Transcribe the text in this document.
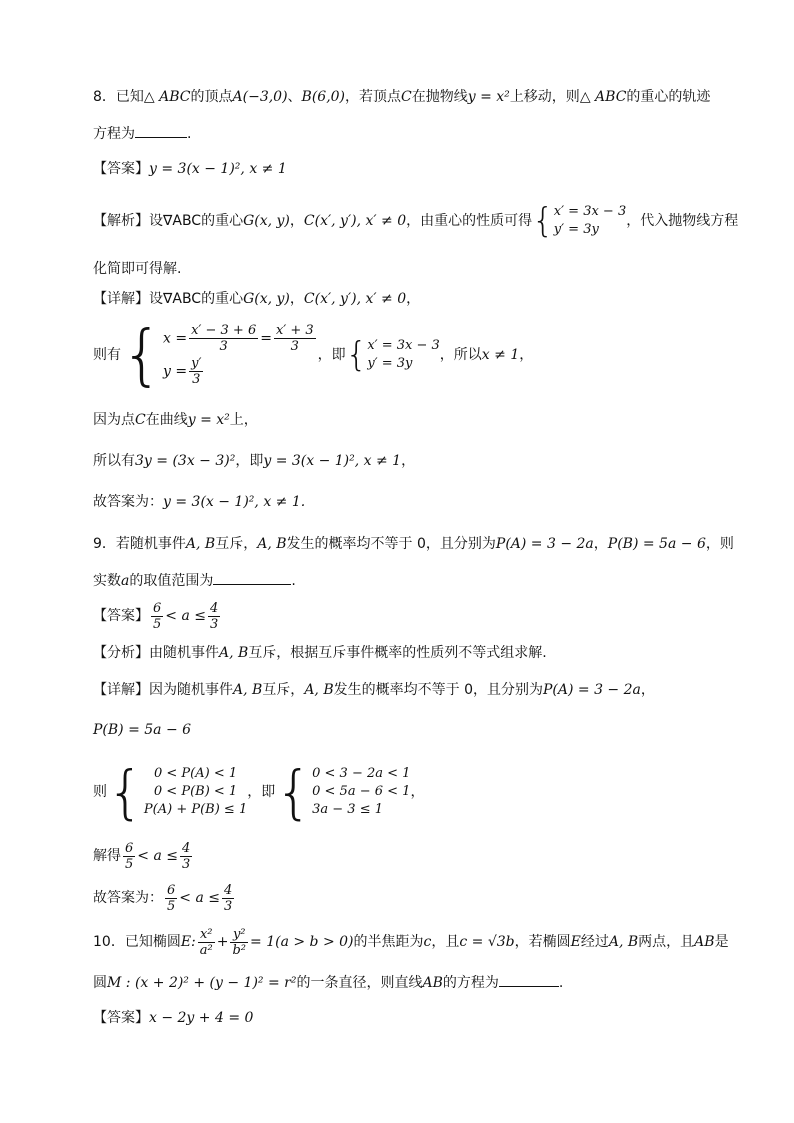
8．已知△ ABC的顶点A(−3,0)、B(6,0)，若顶点C在抛物线y = x²上移动，则△ ABC的重心的轨迹
方程为	.
【答案】y = 3(x − 1)², x ≠ 1
【解析】设∇ABC的重心G(x, y)，C(x′, y′), x′ ≠ 0，由重心的性质可得{ x′ = 3x − 3
y′ = 3y
，代入抛物线方程
化简即可得解.
【详解】设∇ABC的重心G(x, y)，C(x′, y′), x′ ≠ 0，
则有{ $x = \frac{x' - 3 + 6}{3} = \frac{x' + 3}{3}$
$y = \frac{y'}{3}$
，即{ x′ = 3x − 3
y′ = 3y
，所以x ≠ 1，
因为点C在曲线y = x²上，
所以有3y = (3x − 3)²，即y = 3(x − 1)², x ≠ 1，
故答案为：y = 3(x − 1)², x ≠ 1.
9．若随机事件A, B互斥，A, B发生的概率均不等于 0，且分别为P(A) = 3 − 2a，P(B) = 5a − 6，则
实数a的取值范围为	.
【答案】 $\frac{6}{5} < a \le \frac{4}{3}$
【分析】由随机事件A, B互斥，根据互斥事件概率的性质列不等式组求解.
【详解】因为随机事件A, B互斥，A, B发生的概率均不等于 0，且分别为P(A) = 3 − 2a，
P(B) = 5a − 6
则{ 0 < P(A) < 1
0 < P(B) < 1
P(A) + P(B) ≤ 1
，即{ 0 < 3 − 2a < 1
0 < 5a − 6 < 1
3a − 3 ≤ 1
，
解得 $\frac{6}{5} < a \le \frac{4}{3}$
故答案为： $\frac{6}{5} < a \le \frac{4}{3}$
10．已知椭圆E: $\frac{\text{x²}}{\text{a²}} + \frac{\text{y²}}{\text{b²}} = 1(a > b > 0)$的半焦距为c，且c = √3b，若椭圆E经过A, B两点，且AB是
圆M : (x + 2)² + (y − 1)² = r²的一条直径，则直线AB的方程为	.
【答案】x − 2y + 4 = 0
